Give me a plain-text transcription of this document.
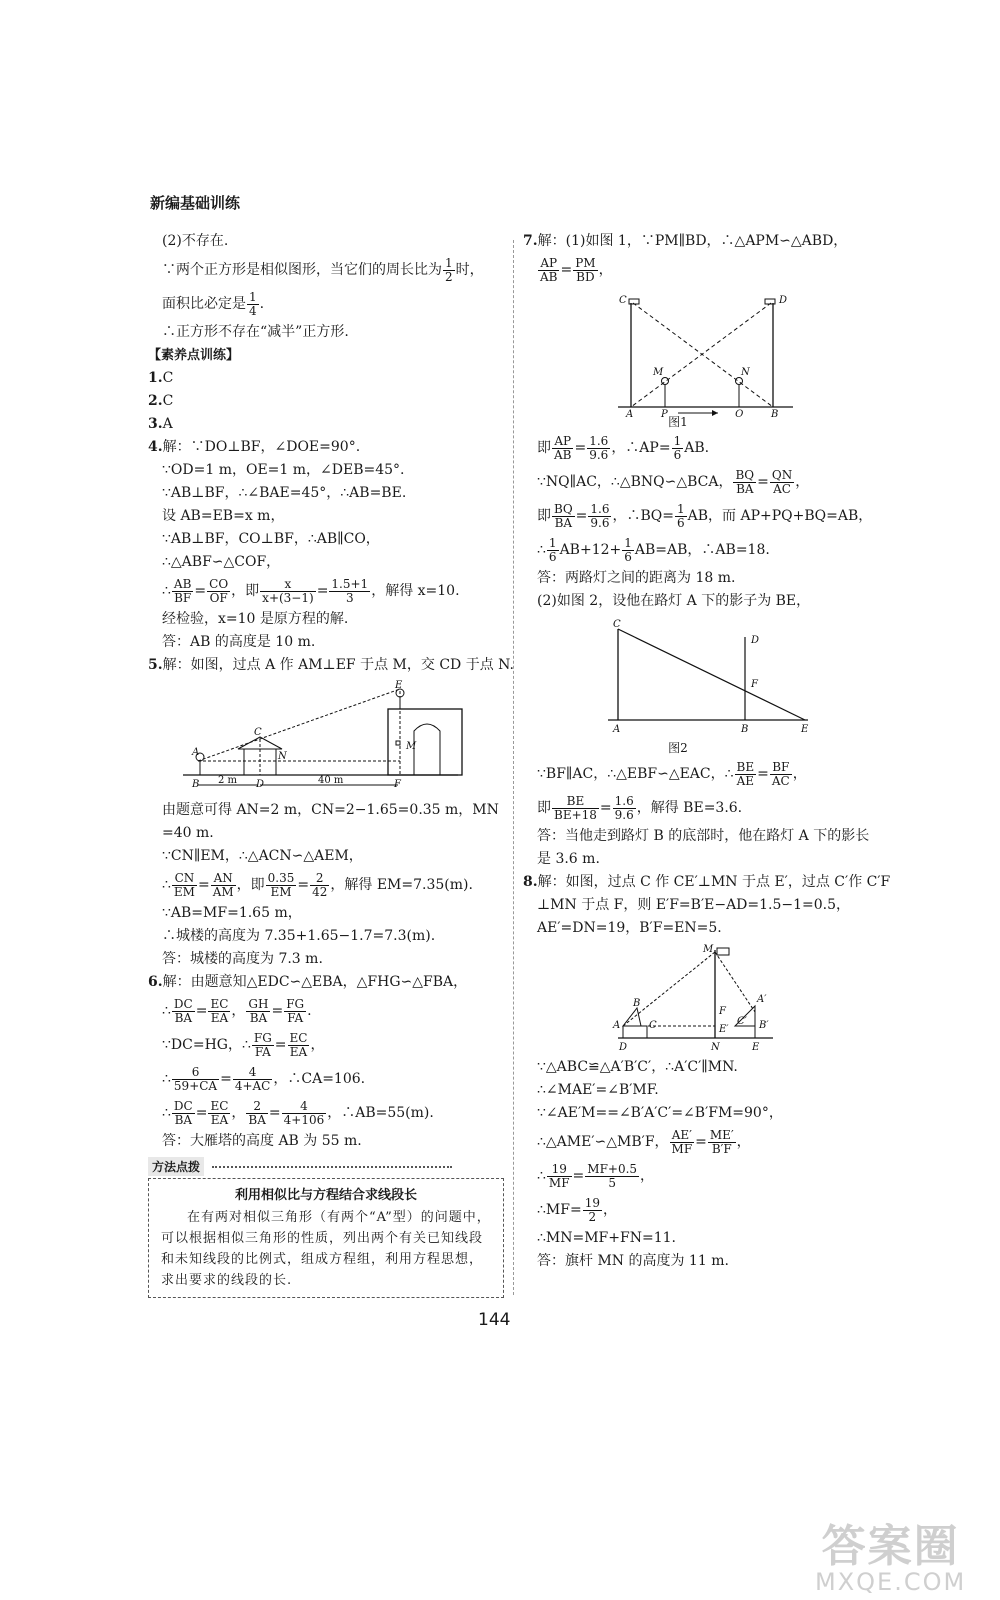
新编基础训练

(2)不存在.

∵两个正方形是相似图形，当它们的周长比为 $\frac{1}{2}$ 时，

面积比必定是 $\frac{1}{4}$ .

∴正方形不存在“减半”正方形.

【素养点训练】

1.C

2.C

3.A

4.解：∵DO⊥BF，∠DOE=90°.

∵OD=1 m，OE=1 m，∠DEB=45°.

∵AB⊥BF，∴∠BAE=45°，∴AB=BE.

设 AB=EB=x m，

∵AB⊥BF，CO⊥BF，∴AB∥CO，

∴△ABF∽△COF，

∴ $\frac{AB}{BF} = \frac{CO}{OF}$ ，即 $\frac{x}{x+(3-1)} = \frac{1.5+1}{3}$ ，解得 x=10.

经检验，x=10 是原方程的解.

答：AB 的高度是 10 m.

5.解：如图，过点 A 作 AM⊥EF 于点 M，交 CD 于点 N.

A
B
C
N
D
E
F
M
2 m	40 m

由题意可得 AN=2 m，CN=2−1.65=0.35 m，MN

=40 m.

∵CN∥EM，∴△ACN∽△AEM，

∴ $\frac{CN}{EM} = \frac{AN}{AM}$ ，即 $\frac{0.35}{EM} = \frac{2}{42}$ ，解得 EM=7.35(m).

∵AB=MF=1.65 m，

∴城楼的高度为 7.35+1.65−1.7=7.3(m).

答：城楼的高度为 7.3 m.

6.解：由题意知△EDC∽△EBA，△FHG∽△FBA，

∴ $\frac{DC}{BA} = \frac{EC}{EA}$ ， $\frac{GH}{BA} = \frac{FG}{FA}$ .

∵DC=HG，∴ $\frac{FG}{FA} = \frac{EC}{EA}$ ，

∴ $\frac{6}{59+CA} = \frac{4}{4+AC}$ ，∴CA=106.

∴ $\frac{DC}{BA} = \frac{EC}{EA}$ ， $\frac{2}{BA} = \frac{4}{4+106}$ ，∴AB=55(m).

答：大雁塔的高度 AB 为 55 m.

方法点拨
利用相似比与方程结合求线段长
在有两对相似三角形（有两个“A”型）的问题中，可以根据相似三角形的性质，列出两个有关已知线段和未知线段的比例式，组成方程组，利用方程思想，求出要求的线段的长.

7.解：(1)如图 1，∵PM∥BD，∴△APM∽△ABD，

$\frac{AP}{AB} = \frac{PM}{BD}$ ，

C	D
M	N
A	P	Q	B
图1

即 $\frac{AP}{AB} = \frac{1.6}{9.6}$ ，∴AP= $\frac{1}{6}$ AB.

∵NQ∥AC，∴△BNQ∽△BCA， $\frac{BQ}{BA} = \frac{QN}{AC}$ ，

即 $\frac{BQ}{BA} = \frac{1.6}{9.6}$ ，∴BQ= $\frac{1}{6}$ AB，而 AP+PQ+BQ=AB，

∴ $\frac{1}{6} AB+12+ \frac{1}{6} AB=AB$，∴AB=18.

答：两路灯之间的距离为 18 m.

(2)如图 2，设他在路灯 A 下的影子为 BE，

C
D
F
A	B	E
图2

∵BF∥AC，∴△EBF∽△EAC，∴ $\frac{BE}{AE} = \frac{BF}{AC}$ ，

即 $\frac{BE}{BE+18} = \frac{1.6}{9.6}$ ，解得 BE=3.6.

答：当他走到路灯 B 的底部时，他在路灯 A 下的影长

是 3.6 m.

8.解：如图，过点 C 作 CE′⊥MN 于点 E′，过点 C′作 C′F

⊥MN 于点 F，则 E′F=B′E−AD=1.5−1=0.5，

AE′=DN=19，B′F=EN=5.

M
B
A	C
F
E′
C′
A′
B′
D	N	E

∵△ABC≌△A′B′C′，∴A′C′∥MN.

∴∠MAE′=∠B′MF.

∵∠AE′M==∠B′A′C′=∠B′FM=90°，

∴△AME′∽△MB′F， $\frac{AE'}{MF} = \frac{ME'}{B'F}$ ，

∴ $\frac{19}{MF} = \frac{MF+0.5}{5}$ ，

∴MF= $\frac{19}{2}$ ，

∴MN=MF+FN=11.

答：旗杆 MN 的高度为 11 m.

144
答案圈
MXQE.COM
